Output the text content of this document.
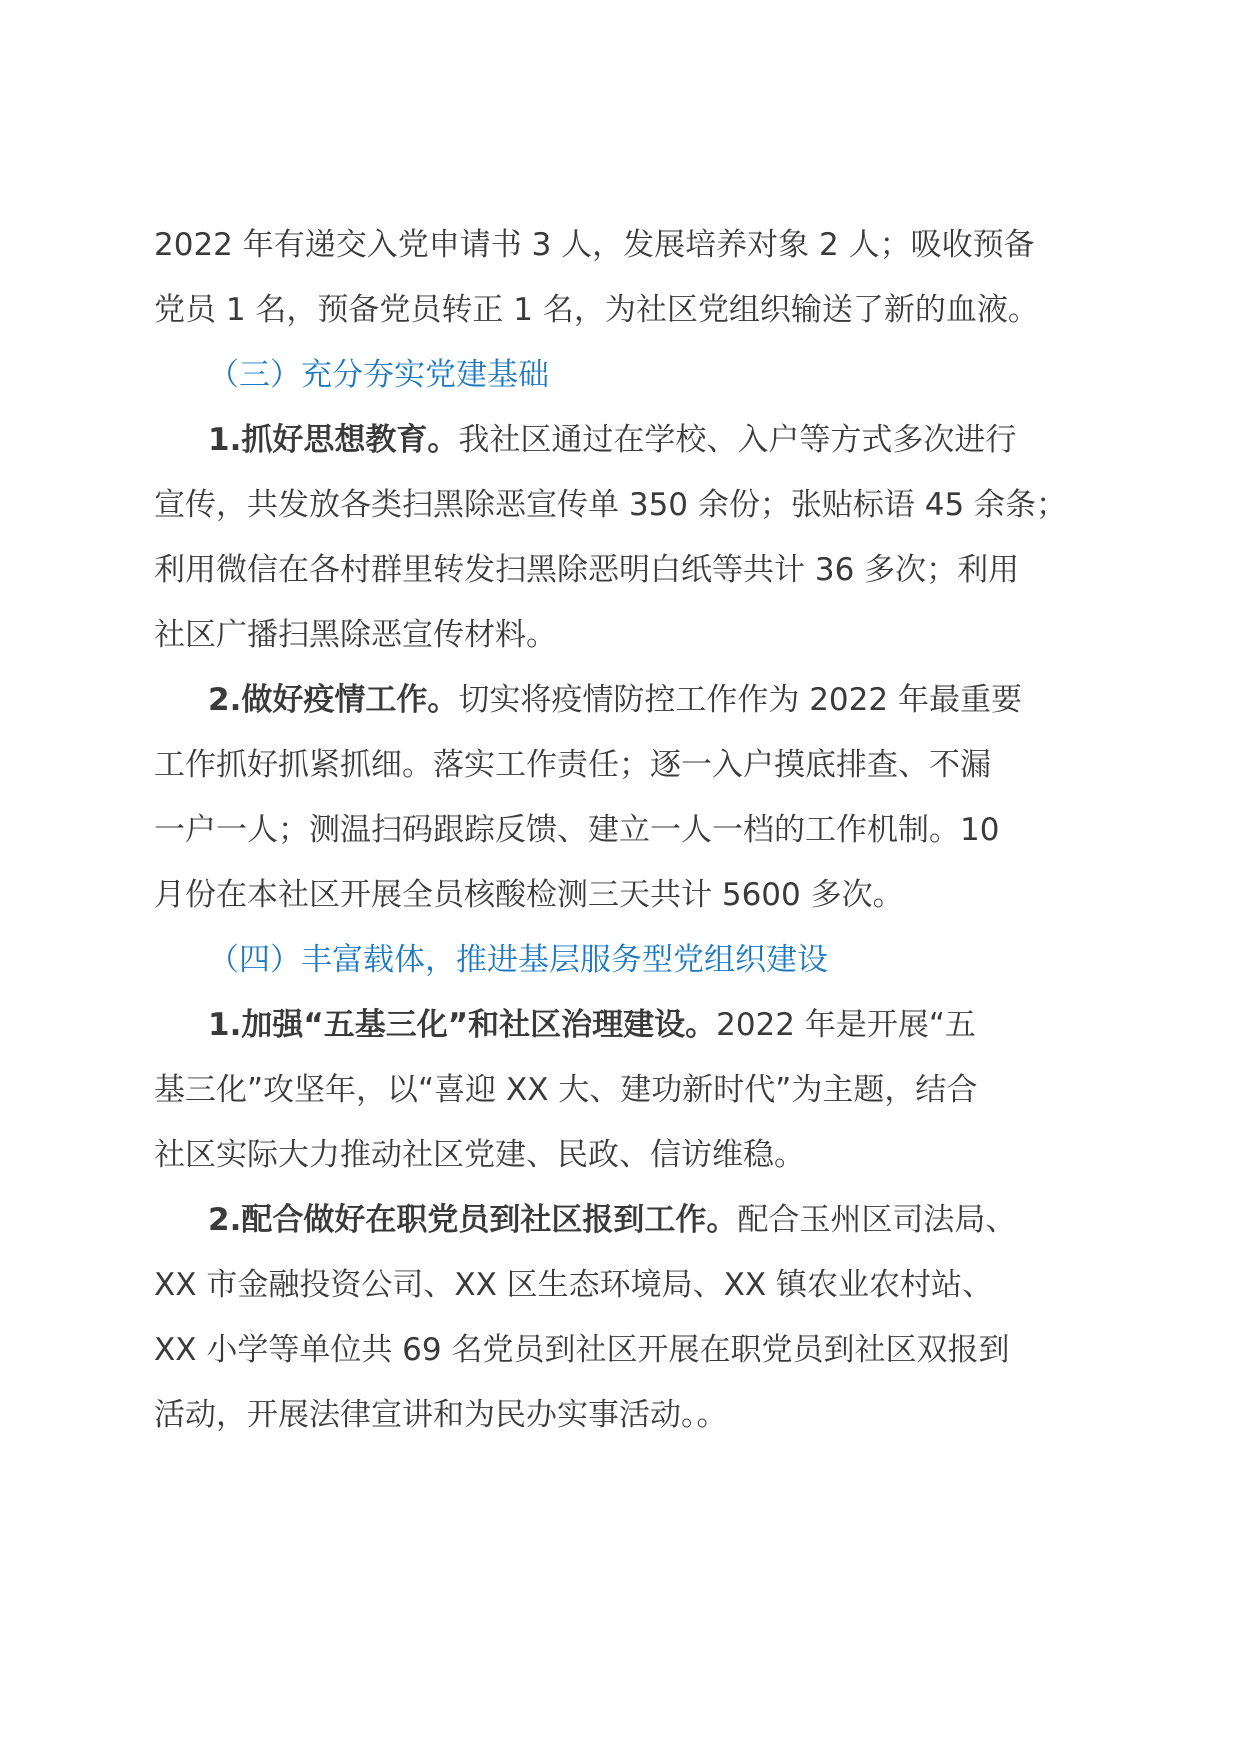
2022 年有递交入党申请书 3 人，发展培养对象 2 人；吸收预备
党员 1 名，预备党员转正 1 名，为社区党组织输送了新的血液。
（三）充分夯实党建基础
1.抓好思想教育。我社区通过在学校、入户等方式多次进行
宣传，共发放各类扫黑除恶宣传单 350 余份；张贴标语 45 余条；
利用微信在各村群里转发扫黑除恶明白纸等共计 36 多次；利用
社区广播扫黑除恶宣传材料。
2.做好疫情工作。切实将疫情防控工作作为 2022 年最重要
工作抓好抓紧抓细。落实工作责任；逐一入户摸底排查、不漏
一户一人；测温扫码跟踪反馈、建立一人一档的工作机制。10
月份在本社区开展全员核酸检测三天共计 5600 多次。
（四）丰富载体，推进基层服务型党组织建设
1.加强“五基三化”和社区治理建设。2022 年是开展“五
基三化”攻坚年，以“喜迎 XX 大、建功新时代”为主题，结合
社区实际大力推动社区党建、民政、信访维稳。
2.配合做好在职党员到社区报到工作。配合玉州区司法局、
XX 市金融投资公司、XX 区生态环境局、XX 镇农业农村站、
XX 小学等单位共 69 名党员到社区开展在职党员到社区双报到
活动，开展法律宣讲和为民办实事活动。。
